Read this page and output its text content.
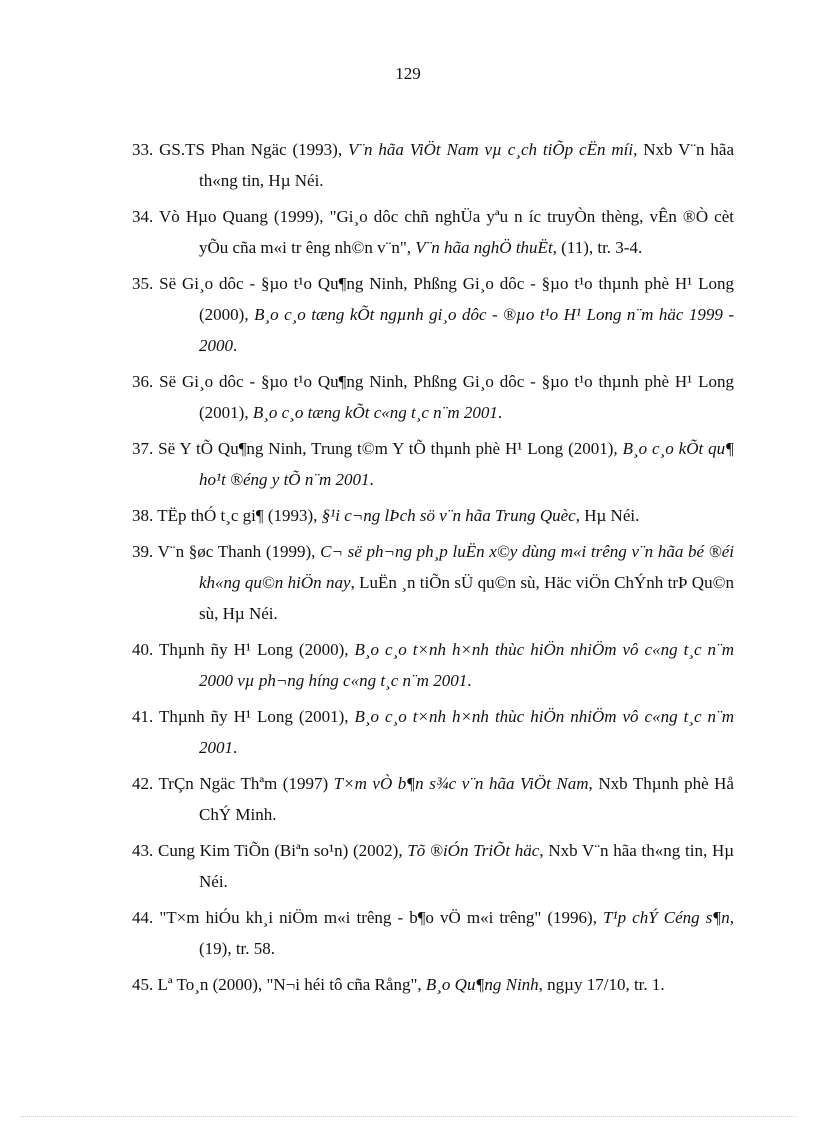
129
33. GS.TS Phan Ngäc (1993), V¨n hãa ViÖt Nam vµ c¸ch tiÕp cËn míi, Nxb V¨n hãa th«ng tin, Hµ Néi.
34. Vò Hµo Quang (1999), "Gi¸o dôc chñ nghÜa yªu n íc truyÒn thèng, vÊn ®Ò cèt yÕu cña m«i tr êng nh©n v¨n", V¨n hãa nghÖ thuËt, (11), tr. 3-4.
35. Së Gi¸o dôc - §µo t¹o Qu¶ng Ninh, Phßng Gi¸o dôc - §µo t¹o thµnh phè H¹ Long (2000), B¸o c¸o tæng kÕt ngµnh gi¸o dôc - ®µo t¹o H¹ Long n¨m häc 1999 - 2000.
36. Së Gi¸o dôc - §µo t¹o Qu¶ng Ninh, Phßng Gi¸o dôc - §µo t¹o thµnh phè H¹ Long (2001), B¸o c¸o tæng kÕt c«ng t¸c n¨m 2001.
37. Së Y tÕ Qu¶ng Ninh, Trung t©m Y tÕ thµnh phè H¹ Long (2001), B¸o c¸o kÕt qu¶ ho¹t ®éng y tÕ n¨m 2001.
38. TËp thÓ t¸c gi¶ (1993), §¹i c¬ng lÞch sö v¨n hãa Trung Quèc, Hµ Néi.
39. V¨n §øc Thanh (1999), C¬ së ph¬ng ph¸p luËn x©y dùng m«i trêng v¨n hãa bé ®éi kh«ng qu©n hiÖn nay, LuËn ¸n tiÕn sÜ qu©n sù, Häc viÖn ChÝnh trÞ Qu©n sù, Hµ Néi.
40. Thµnh ñy H¹ Long (2000), B¸o c¸o t×nh h×nh thùc hiÖn nhiÖm vô c«ng t¸c n¨m 2000 vµ ph¬ng híng c«ng t¸c n¨m 2001.
41. Thµnh ñy H¹ Long (2001), B¸o c¸o t×nh h×nh thùc hiÖn nhiÖm vô c«ng t¸c n¨m 2001.
42. TrÇn Ngäc Thªm (1997) T×m vÒ b¶n s¾c v¨n hãa ViÖt Nam, Nxb Thµnh phè Hå ChÝ Minh.
43. Cung Kim TiÕn (Biªn so¹n) (2002), Tõ ®iÓn TriÕt häc, Nxb V¨n hãa th«ng tin, Hµ Néi.
44. "T×m hiÓu kh¸i niÖm m«i trêng - b¶o vÖ m«i trêng" (1996), T¹p chÝ Céng s¶n, (19), tr. 58.
45. Lª To¸n (2000), "N¬i héi tô cña Rång", B¸o Qu¶ng Ninh, ngµy 17/10, tr. 1.
